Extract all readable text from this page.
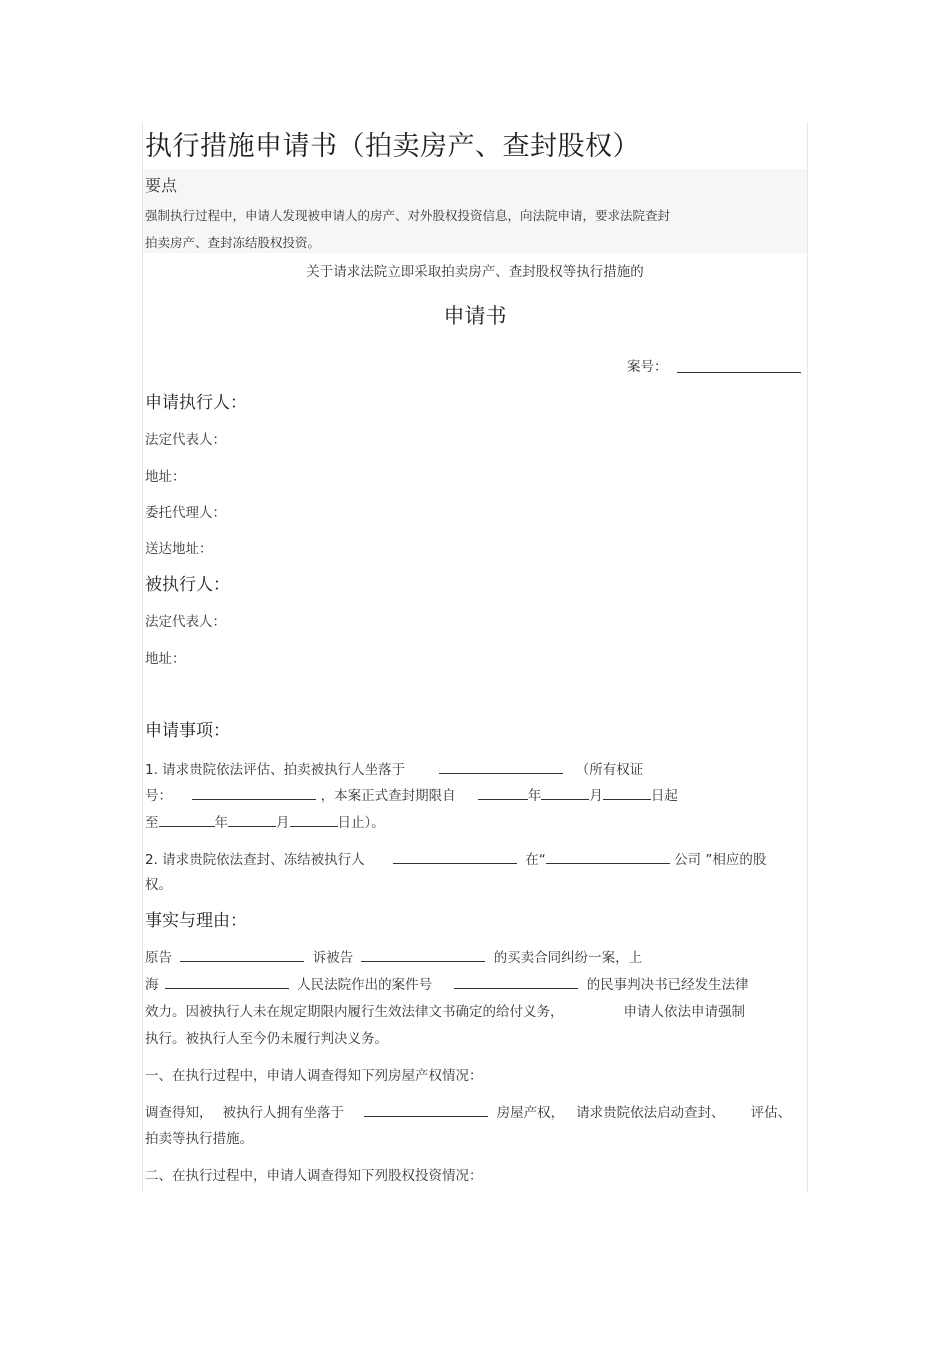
执行措施申请书（拍卖房产、查封股权）
要点
强制执行过程中，申请人发现被申请人的房产、对外股权投资信息，向法院申请，要求法院查封
拍卖房产、查封冻结股权投资。
关于请求法院立即采取拍卖房产、查封股权等执行措施的
申请书
案号：
申请执行人：
法定代表人：
地址：
委托代理人：
送达地址：
被执行人：
法定代表人：
地址：
申请事项：
1. 请求贵院依法评估、拍卖被执行人坐落于	（所有权证
号：	，本案正式查封期限自	年	月	日起
至	年	月	日止）。
2. 请求贵院依法查封、冻结被执行人	在“	公司 ”相应的股
权。
事实与理由：
原告	诉被告	的买卖合同纠纷一案，上
海	人民法院作出的案件号	的民事判决书已经发生法律
效力。因被执行人未在规定期限内履行生效法律文书确定的给付义务，	申请人依法申请强制
执行。被执行人至今仍未履行判决义务。
一、在执行过程中，申请人调查得知下列房屋产权情况：
调查得知， 被执行人拥有坐落于	房屋产权， 请求贵院依法启动查封、 评估、
拍卖等执行措施。
二、在执行过程中，申请人调查得知下列股权投资情况：
